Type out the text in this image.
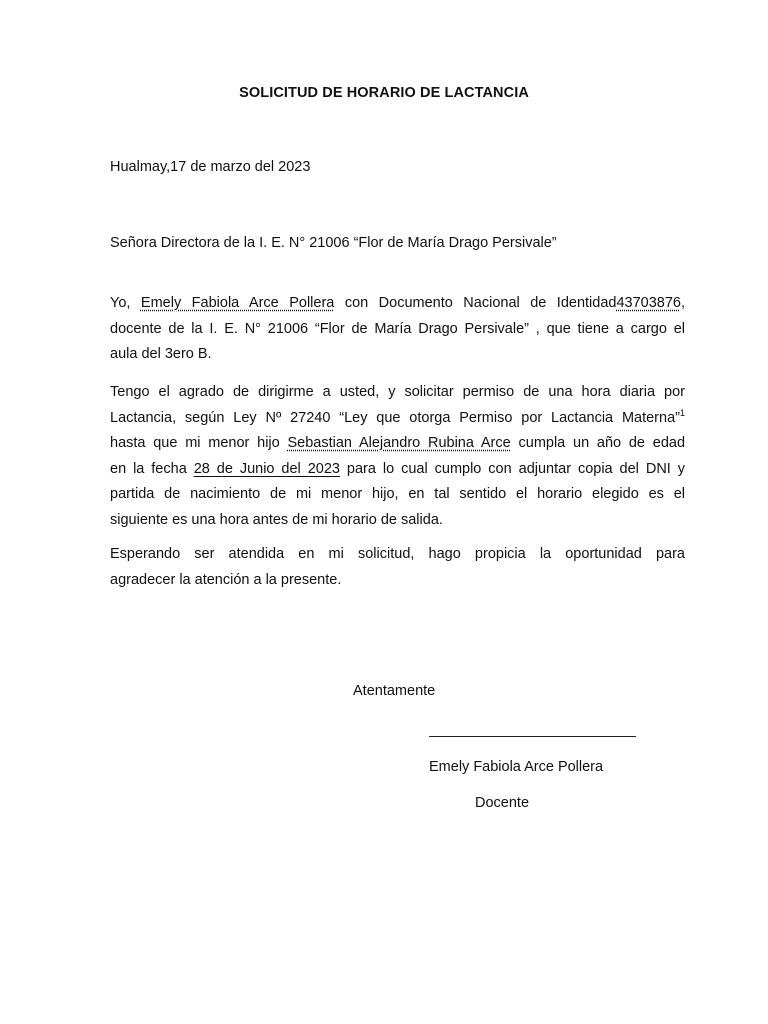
SOLICITUD DE HORARIO DE LACTANCIA
Hualmay,17 de marzo del 2023
Señora Directora de la I. E. N° 21006 “Flor de María Drago Persivale”
Yo, Emely Fabiola Arce Pollera con Documento Nacional de Identidad43703876,
docente de la I. E. N° 21006 “Flor de María Drago Persivale” , que tiene a cargo el
aula del 3ero B.
Tengo el agrado de dirigirme a usted, y solicitar permiso de una hora diaria por
Lactancia, según Ley Nº 27240 “Ley que otorga Permiso por Lactancia Materna”$^1$
hasta que mi menor hijo Sebastian Alejandro Rubina Arce cumpla un año de edad
en la fecha 28 de Junio del 2023 para lo cual cumplo con adjuntar copia del DNI y
partida de nacimiento de mi menor hijo, en tal sentido el horario elegido es el
siguiente es una hora antes de mi horario de salida.
Esperando ser atendida en mi solicitud, hago propicia la oportunidad para
agradecer la atención a la presente.
Atentamente
Emely Fabiola Arce Pollera
Docente
